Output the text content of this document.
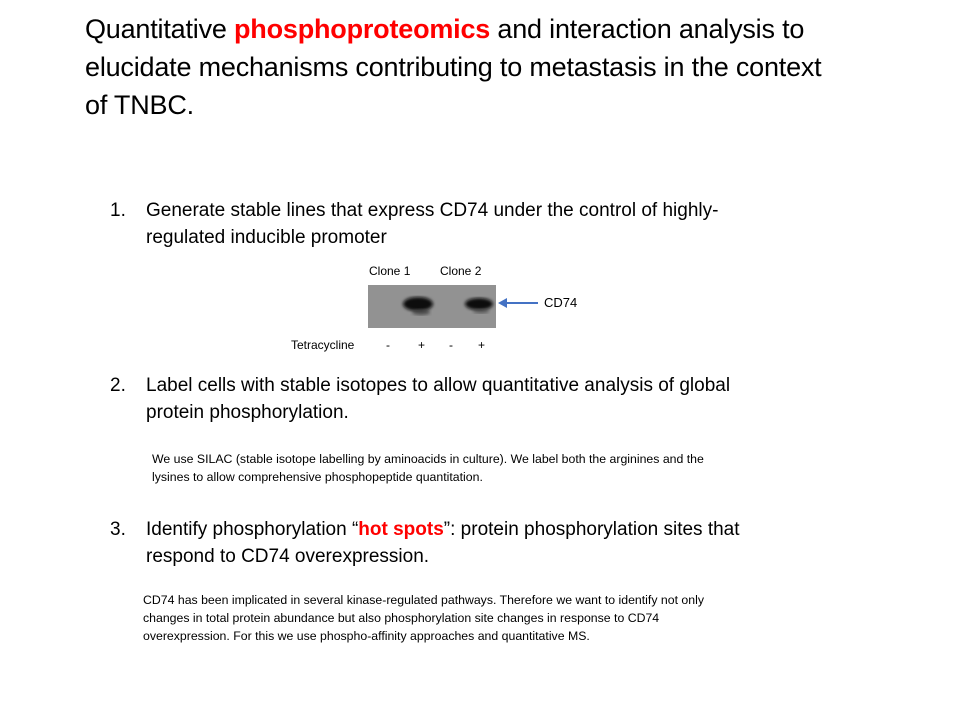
Quantitative phosphoproteomics and interaction analysis to
elucidate mechanisms contributing to metastasis in the context
of TNBC.
1. Generate stable lines that express CD74 under the control of highly-
regulated inducible promoter
Clone 1 Clone 2
CD74
Tetracycline	- + - +
2. Label cells with stable isotopes to allow quantitative analysis of global
protein phosphorylation.
We use SILAC (stable isotope labelling by aminoacids in culture). We label both the arginines and the
lysines to allow comprehensive phosphopeptide quantitation.
3. Identify phosphorylation “hot spots”: protein phosphorylation sites that
respond to CD74 overexpression.
CD74 has been implicated in several kinase-regulated pathways. Therefore we want to identify not only
changes in total protein abundance but also phosphorylation site changes in response to CD74
overexpression. For this we use phospho-affinity approaches and quantitative MS.
